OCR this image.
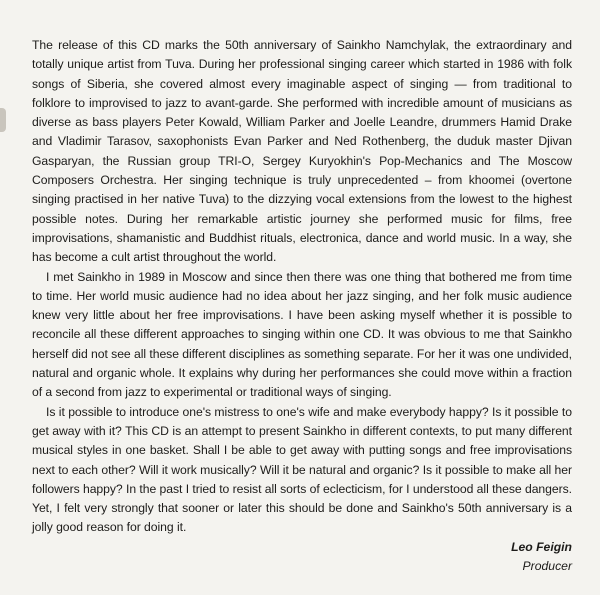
The release of this CD marks the 50th anniversary of Sainkho Namchylak, the extraordinary and totally unique artist from Tuva. During her professional singing career which started in 1986 with folk songs of Siberia, she covered almost every imaginable aspect of singing — from traditional to folklore to improvised to jazz to avant-garde. She performed with incredible amount of musicians as diverse as bass players Peter Kowald, William Parker and Joelle Leandre, drummers Hamid Drake and Vladimir Tarasov, saxophonists Evan Parker and Ned Rothenberg, the duduk master Djivan Gasparyan, the Russian group TRI-O, Sergey Kuryokhin's Pop-Mechanics and The Moscow Composers Orchestra. Her singing technique is truly unprecedented – from khoomei (overtone singing practised in her native Tuva) to the dizzying vocal extensions from the lowest to the highest possible notes. During her remarkable artistic journey she performed music for films, free improvisations, shamanistic and Buddhist rituals, electronica, dance and world music. In a way, she has become a cult artist throughout the world.

I met Sainkho in 1989 in Moscow and since then there was one thing that bothered me from time to time. Her world music audience had no idea about her jazz singing, and her folk music audience knew very little about her free improvisations. I have been asking myself whether it is possible to reconcile all these different approaches to singing within one CD. It was obvious to me that Sainkho herself did not see all these different disciplines as something separate. For her it was one undivided, natural and organic whole. It explains why during her performances she could move within a fraction of a second from jazz to experimental or traditional ways of singing.

Is it possible to introduce one's mistress to one's wife and make everybody happy? Is it possible to get away with it? This CD is an attempt to present Sainkho in different contexts, to put many different musical styles in one basket. Shall I be able to get away with putting songs and free improvisations next to each other? Will it work musically? Will it be natural and organic? Is it possible to make all her followers happy? In the past I tried to resist all sorts of eclecticism, for I understood all these dangers. Yet, I felt very strongly that sooner or later this should be done and Sainkho's 50th anniversary is a jolly good reason for doing it.

Leo Feigin
Producer
